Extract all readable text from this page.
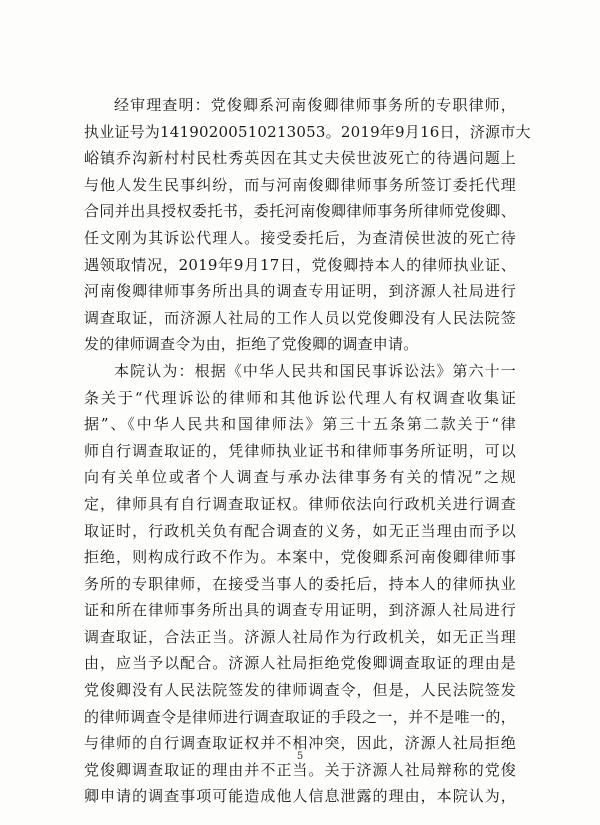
经审理查明：党俊卿系河南俊卿律师事务所的专职律师，
执业证号为14190200510213053。2019年9月16日，济源市大
峪镇乔沟新村村民杜秀英因在其丈夫侯世波死亡的待遇问题上
与他人发生民事纠纷，而与河南俊卿律师事务所签订委托代理
合同并出具授权委托书，委托河南俊卿律师事务所律师党俊卿、
任文刚为其诉讼代理人。接受委托后，为查清侯世波的死亡待
遇领取情况，2019年9月17日，党俊卿持本人的律师执业证、
河南俊卿律师事务所出具的调查专用证明，到济源人社局进行
调查取证，而济源人社局的工作人员以党俊卿没有人民法院签
发的律师调查令为由，拒绝了党俊卿的调查申请。
本院认为：根据《中华人民共和国民事诉讼法》第六十一
条关于“代理诉讼的律师和其他诉讼代理人有权调查收集证
据”、《中华人民共和国律师法》第三十五条第二款关于“律
师自行调查取证的，凭律师执业证书和律师事务所证明，可以
向有关单位或者个人调查与承办法律事务有关的情况”之规
定，律师具有自行调查取证权。律师依法向行政机关进行调查
取证时，行政机关负有配合调查的义务，如无正当理由而予以
拒绝，则构成行政不作为。本案中，党俊卿系河南俊卿律师事
务所的专职律师，在接受当事人的委托后，持本人的律师执业
证和所在律师事务所出具的调查专用证明，到济源人社局进行
调查取证，合法正当。济源人社局作为行政机关，如无正当理
由，应当予以配合。济源人社局拒绝党俊卿调查取证的理由是
党俊卿没有人民法院签发的律师调查令，但是，人民法院签发
的律师调查令是律师进行调查取证的手段之一，并不是唯一的，
与律师的自行调查取证权并不相冲突，因此，济源人社局拒绝
党俊卿调查取证的理由并不正当。关于济源人社局辩称的党俊
卿申请的调查事项可能造成他人信息泄露的理由，本院认为，
5
